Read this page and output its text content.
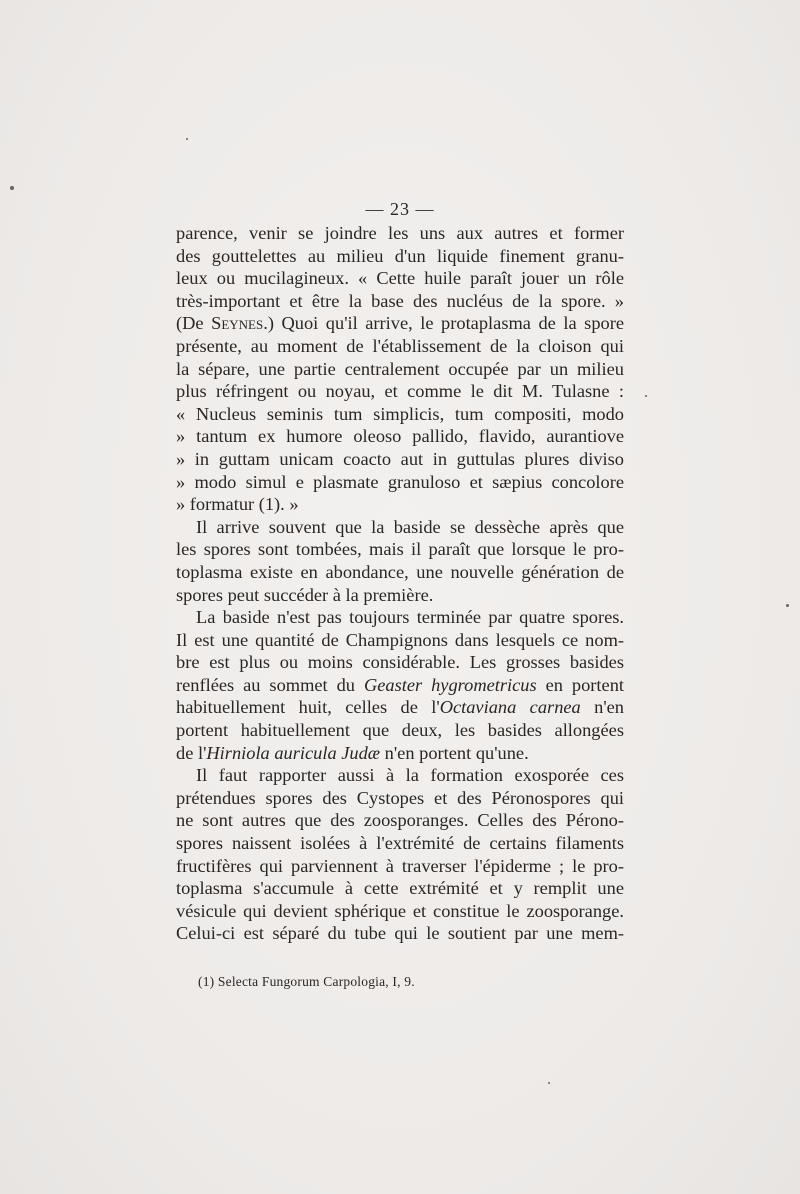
— 23 —
parence, venir se joindre les uns aux autres et former
des gouttelettes au milieu d'un liquide finement granu-
leux ou mucilagineux. « Cette huile paraît jouer un rôle
très-important et être la base des nucléus de la spore. »
(De Seynes.) Quoi qu'il arrive, le protaplasma de la spore
présente, au moment de l'établissement de la cloison qui
la sépare, une partie centralement occupée par un milieu
plus réfringent ou noyau, et comme le dit M. Tulasne :
« Nucleus seminis tum simplicis, tum compositi, modo
» tantum ex humore oleoso pallido, flavido, aurantiove
» in guttam unicam coacto aut in guttulas plures diviso
» modo simul e plasmate granuloso et sæpius concolore
» formatur (1). »
Il arrive souvent que la baside se dessèche après que
les spores sont tombées, mais il paraît que lorsque le pro-
toplasma existe en abondance, une nouvelle génération de
spores peut succéder à la première.
La baside n'est pas toujours terminée par quatre spores.
Il est une quantité de Champignons dans lesquels ce nom-
bre est plus ou moins considérable. Les grosses basides
renflées au sommet du Geaster hygrometricus en portent
habituellement huit, celles de l'Octaviana carnea n'en
portent habituellement que deux, les basides allongées
de l'Hirniola auricula Judæ n'en portent qu'une.
Il faut rapporter aussi à la formation exosporée ces
prétendues spores des Cystopes et des Péronospores qui
ne sont autres que des zoosporanges. Celles des Pérono-
spores naissent isolées à l'extrémité de certains filaments
fructifères qui parviennent à traverser l'épiderme ; le pro-
toplasma s'accumule à cette extrémité et y remplit une
vésicule qui devient sphérique et constitue le zoosporange.
Celui-ci est séparé du tube qui le soutient par une mem-
(1) Selecta Fungorum Carpologia, I, 9.
